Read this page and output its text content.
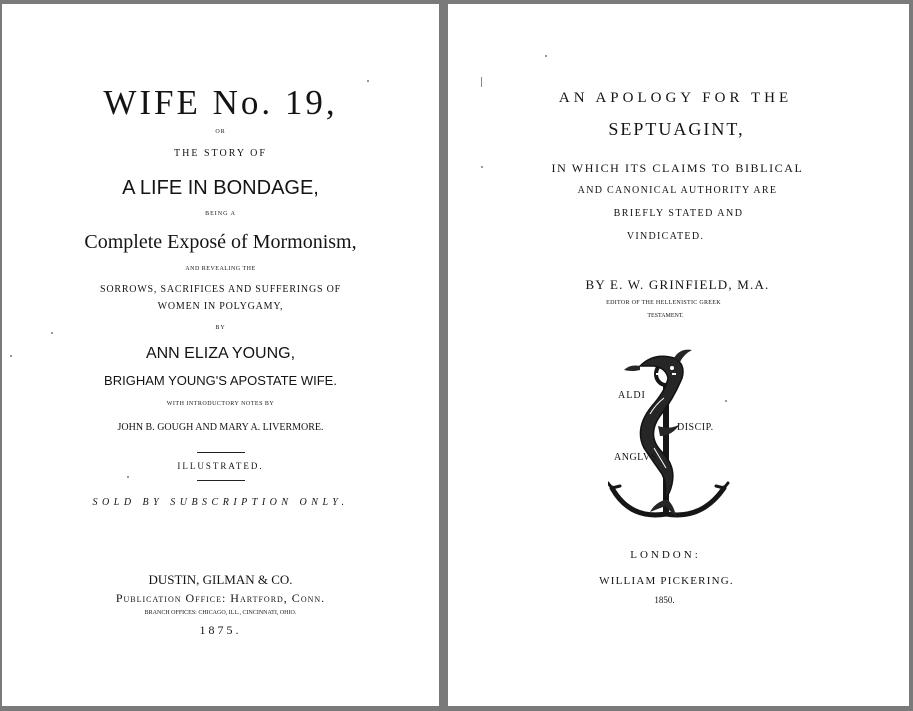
WIFE No. 19,
OR
THE STORY OF
A LIFE IN BONDAGE,
BEING A
Complete Exposé of Mormonism,
AND REVEALING THE
SORROWS, SACRIFICES AND SUFFERINGS OF
WOMEN IN POLYGAMY,
BY
ANN ELIZA YOUNG,
BRIGHAM YOUNG'S APOSTATE WIFE.
WITH INTRODUCTORY NOTES BY
JOHN B. GOUGH AND MARY A. LIVERMORE.
ILLUSTRATED.
SOLD BY SUBSCRIPTION ONLY.
DUSTIN, GILMAN & CO.
Publication Office: Hartford, Conn.
BRANCH OFFICES: CHICAGO, ILL., CINCINNATI, OHIO.
1875.
AN APOLOGY FOR THE
SEPTUAGINT,
IN WHICH ITS CLAIMS TO BIBLICAL
AND CANONICAL AUTHORITY ARE
BRIEFLY STATED AND
VINDICATED.
BY E. W. GRINFIELD, M.A.
EDITOR OF THE HELLENISTIC GREEK
TESTAMENT.
ALDI
DISCIP.
ANGLVS
LONDON:
WILLIAM PICKERING.
1850.
